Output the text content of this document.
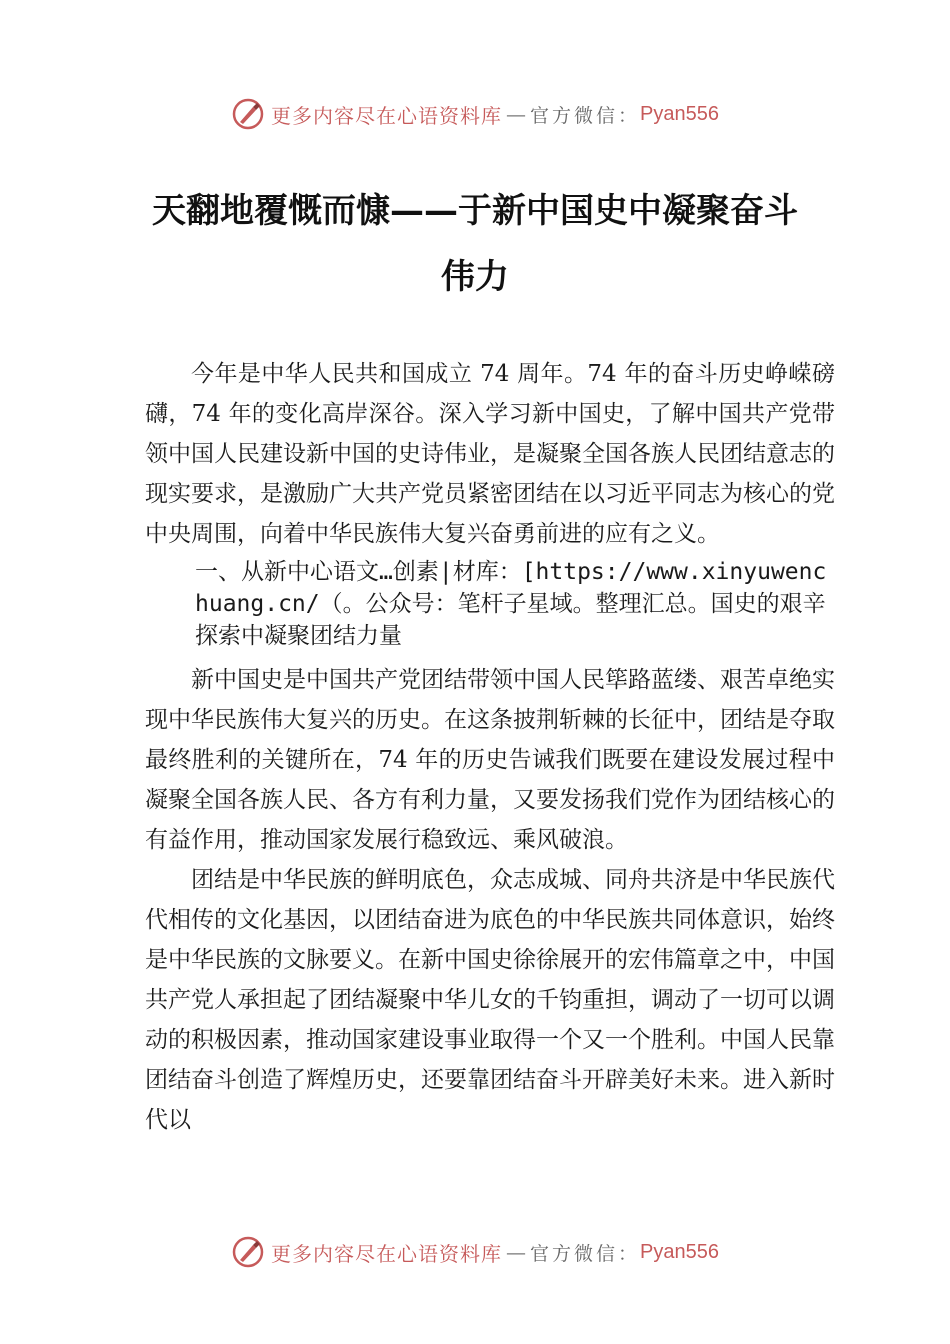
更多内容尽在心语资料库 — 官方微信： Pyan556
天翻地覆慨而慷——于新中国史中凝聚奋斗伟力

今年是中华人民共和国成立 74 周年。74 年的奋斗历史峥嵘磅礴，74 年的变化高岸深谷。深入学习新中国史，了解中国共产党带领中国人民建设新中国的史诗伟业，是凝聚全国各族人民团结意志的现实要求，是激励广大共产党员紧密团结在以习近平同志为核心的党中央周围，向着中华民族伟大复兴奋勇前进的应有之义。

一、从新中心语文…创素|材库：[https://www.xinyuwenchuang.cn/（。公众号：笔杆子星域。整理汇总。国史的艰辛探索中凝聚团结力量

新中国史是中国共产党团结带领中国人民筚路蓝缕、艰苦卓绝实现中华民族伟大复兴的历史。在这条披荆斩棘的长征中，团结是夺取最终胜利的关键所在，74 年的历史告诫我们既要在建设发展过程中凝聚全国各族人民、各方有利力量，又要发扬我们党作为团结核心的有益作用，推动国家发展行稳致远、乘风破浪。

团结是中华民族的鲜明底色，众志成城、同舟共济是中华民族代代相传的文化基因，以团结奋进为底色的中华民族共同体意识，始终是中华民族的文脉要义。在新中国史徐徐展开的宏伟篇章之中，中国共产党人承担起了团结凝聚中华儿女的千钧重担，调动了一切可以调动的积极因素，推动国家建设事业取得一个又一个胜利。中国人民靠团结奋斗创造了辉煌历史，还要靠团结奋斗开辟美好未来。进入新时代以

更多内容尽在心语资料库 — 官方微信： Pyan556
